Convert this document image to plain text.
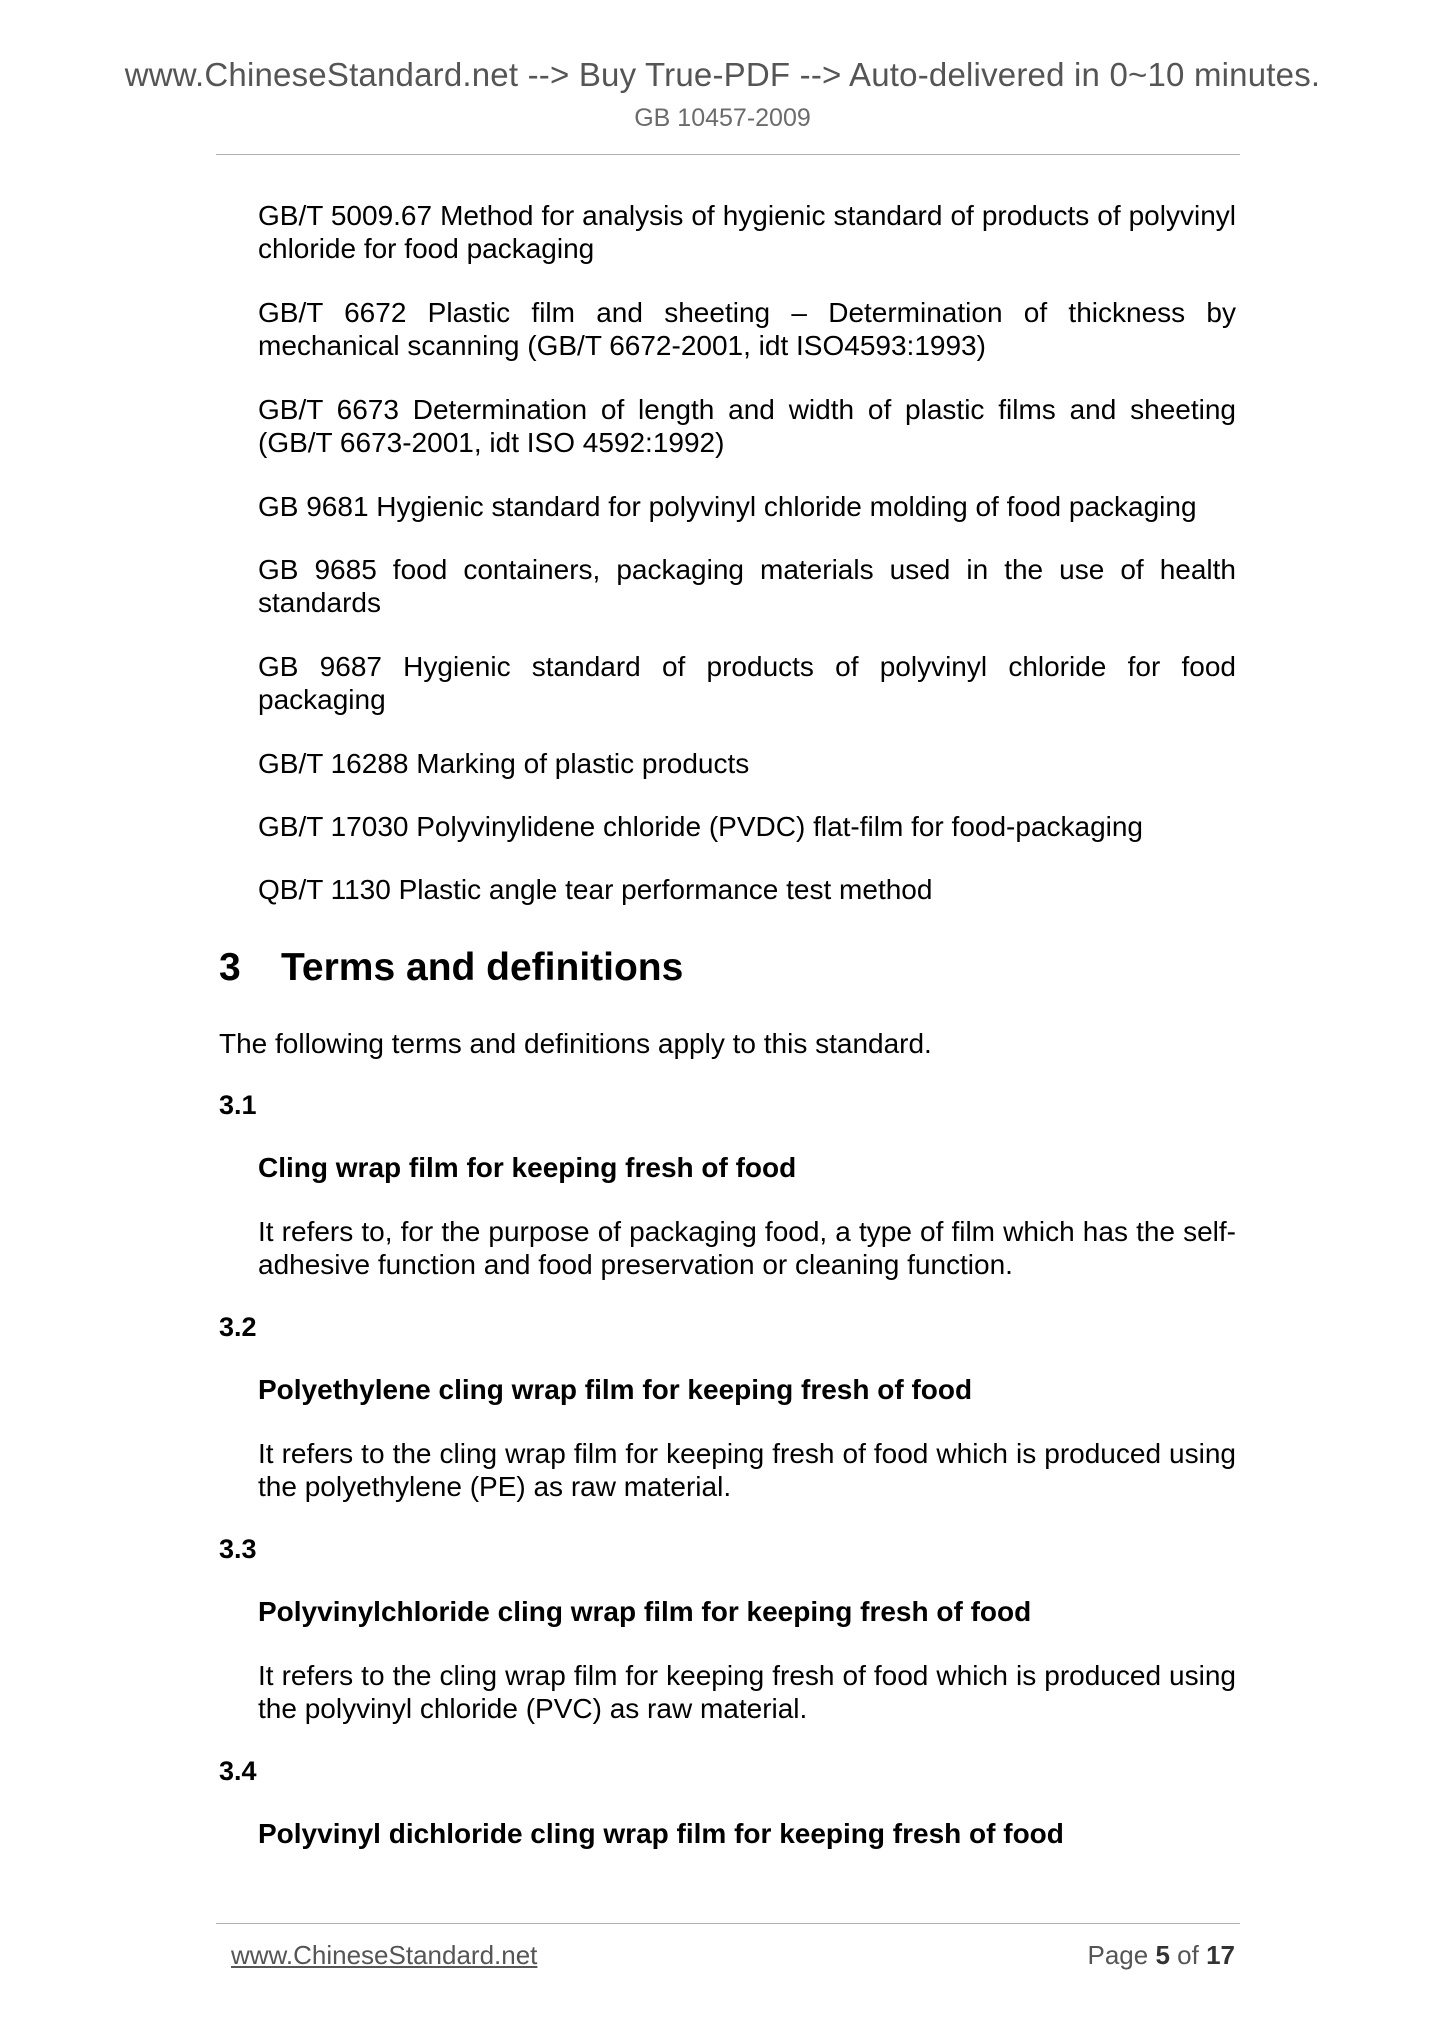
www.ChineseStandard.net --> Buy True-PDF --> Auto-delivered in 0~10 minutes.
GB 10457-2009
GB/T 5009.67 Method for analysis of hygienic standard of products of polyvinyl chloride for food packaging
GB/T 6672 Plastic film and sheeting – Determination of thickness by mechanical scanning (GB/T 6672-2001, idt ISO4593:1993)
GB/T 6673 Determination of length and width of plastic films and sheeting (GB/T 6673-2001, idt ISO 4592:1992)
GB 9681 Hygienic standard for polyvinyl chloride molding of food packaging
GB 9685 food containers, packaging materials used in the use of health standards
GB 9687 Hygienic standard of products of polyvinyl chloride for food packaging
GB/T 16288 Marking of plastic products
GB/T 17030 Polyvinylidene chloride (PVDC) flat-film for food-packaging
QB/T 1130 Plastic angle tear performance test method
3 Terms and definitions
The following terms and definitions apply to this standard.
3.1
Cling wrap film for keeping fresh of food
It refers to, for the purpose of packaging food, a type of film which has the self-adhesive function and food preservation or cleaning function.
3.2
Polyethylene cling wrap film for keeping fresh of food
It refers to the cling wrap film for keeping fresh of food which is produced using the polyethylene (PE) as raw material.
3.3
Polyvinylchloride cling wrap film for keeping fresh of food
It refers to the cling wrap film for keeping fresh of food which is produced using the polyvinyl chloride (PVC) as raw material.
3.4
Polyvinyl dichloride cling wrap film for keeping fresh of food
www.ChineseStandard.net	Page 5 of 17
